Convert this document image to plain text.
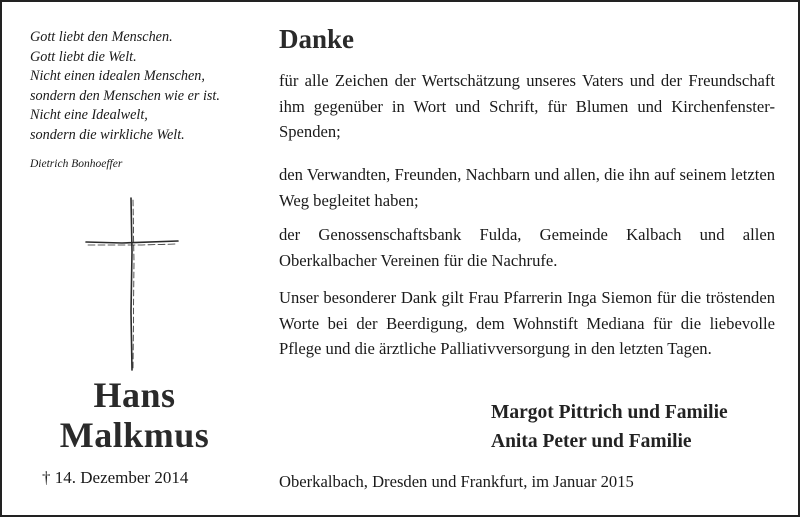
Gott liebt den Menschen.
Gott liebt die Welt.
Nicht einen idealen Menschen,
sondern den Menschen wie er ist.
Nicht eine Idealwelt,
sondern die wirkliche Welt.
Dietrich Bonhoeffer
Hans
Malkmus
† 14. Dezember 2014
Danke
für alle Zeichen der Wertschätzung unseres Vaters und der Freundschaft ihm gegenüber in Wort und Schrift, für Blumen und Kirchenfenster-Spenden;
den Verwandten, Freunden, Nachbarn und allen, die ihn auf seinem letzten Weg begleitet haben;
der Genossenschaftsbank Fulda, Gemeinde Kalbach und allen Oberkalbacher Vereinen für die Nachrufe.
Unser besonderer Dank gilt Frau Pfarrerin Inga Siemon für die tröstenden Worte bei der Beerdigung, dem Wohnstift Mediana für die liebevolle Pflege und die ärztliche Palliativversorgung in den letzten Tagen.
Margot Pittrich und Familie
Anita Peter und Familie
Oberkalbach, Dresden und Frankfurt, im Januar 2015
